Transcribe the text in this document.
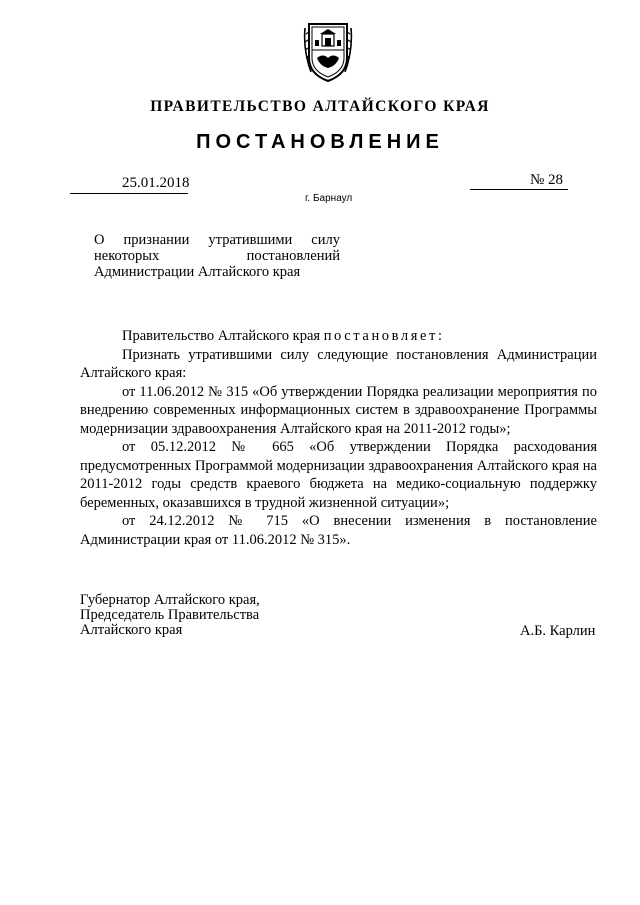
ПРАВИТЕЛЬСТВО АЛТАЙСКОГО КРАЯ
ПОСТАНОВЛЕНИЕ
25.01.2018	№ 28
г. Барнаул
О признании утратившими силу некоторых постановлений Администрации Алтайского края

Правительство Алтайского края постановляет:

Признать утратившими силу следующие постановления Администрации Алтайского края:

от 11.06.2012 № 315 «Об утверждении Порядка реализации мероприятия по внедрению современных информационных систем в здравоохранение Программы модернизации здравоохранения Алтайского края на 2011-2012 годы»;

от 05.12.2012 № 665 «Об утверждении Порядка расходования предусмотренных Программой модернизации здравоохранения Алтайского края на 2011-2012 годы средств краевого бюджета на медико-социальную поддержку беременных, оказавшихся в трудной жизненной ситуации»;

от 24.12.2012 № 715 «О внесении изменения в постановление Администрации края от 11.06.2012 № 315».

Губернатор Алтайского края,
Председатель Правительства
Алтайского края	А.Б. Карлин
